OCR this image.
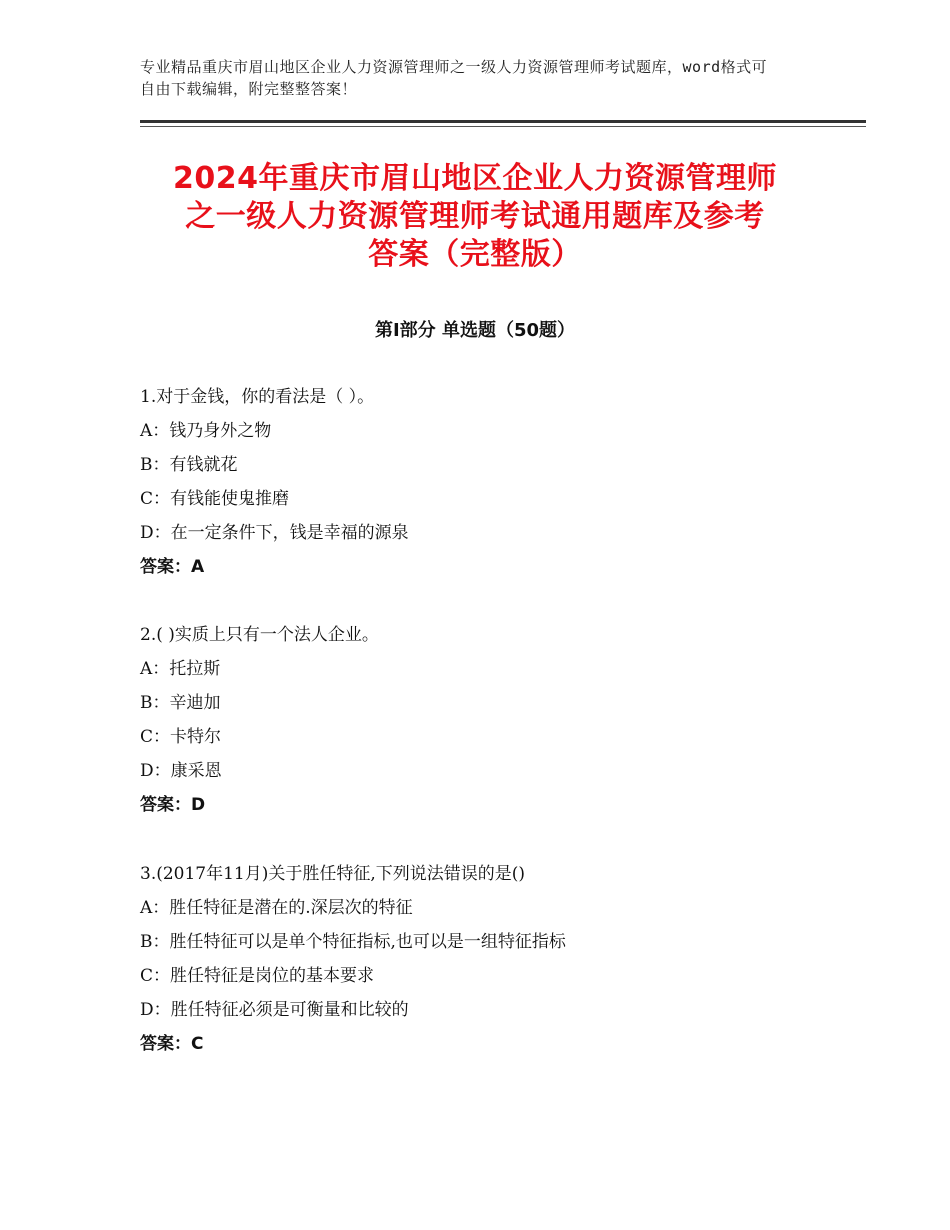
专业精品重庆市眉山地区企业人力资源管理师之一级人力资源管理师考试题库，word格式可自由下载编辑，附完整整答案！
2024年重庆市眉山地区企业人力资源管理师
之一级人力资源管理师考试通用题库及参考
答案（完整版）
第Ⅰ部分 单选题（50题）
1.对于金钱，你的看法是（ ）。
A：钱乃身外之物
B：有钱就花
C：有钱能使鬼推磨
D：在一定条件下，钱是幸福的源泉
答案：A
2.( )实质上只有一个法人企业。
A：托拉斯
B：辛迪加
C：卡特尔
D：康采恩
答案：D
3.(2017年11月)关于胜任特征,下列说法错误的是()
A：胜任特征是潜在的.深层次的特征
B：胜任特征可以是单个特征指标,也可以是一组特征指标
C：胜任特征是岗位的基本要求
D：胜任特征必须是可衡量和比较的
答案：C
